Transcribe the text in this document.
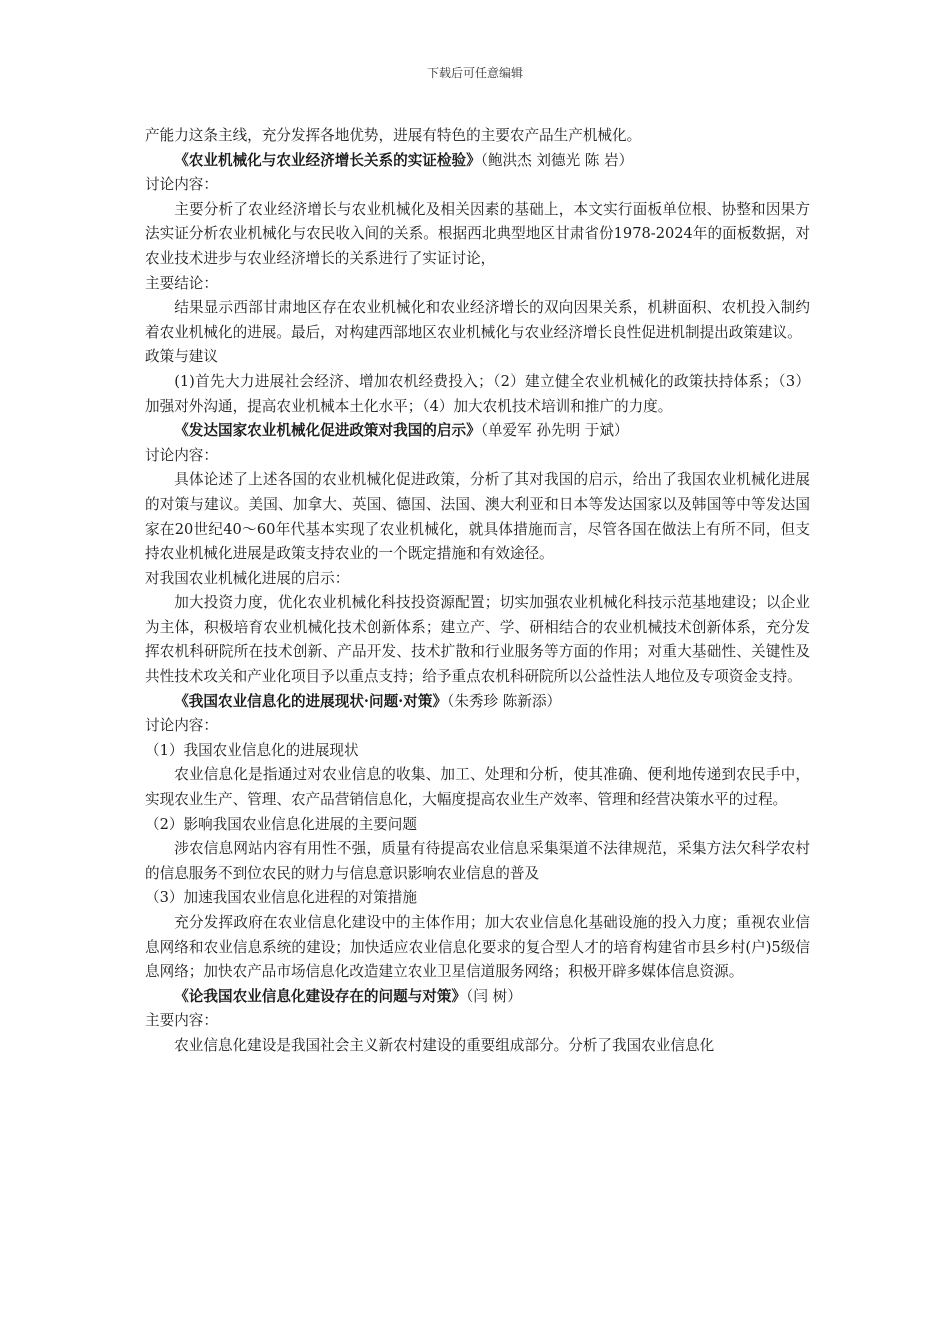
下载后可任意编辑

产能力这条主线，充分发挥各地优势，进展有特色的主要农产品生产机械化。

《农业机械化与农业经济增长关系的实证检验》（鲍洪杰 刘德光 陈 岩）

讨论内容：

主要分析了农业经济增长与农业机械化及相关因素的基础上，本文实行面板单位根、协整和因果方法实证分析农业机械化与农民收入间的关系。根据西北典型地区甘肃省份1978-2024年的面板数据，对农业技术进步与农业经济增长的关系进行了实证讨论，

主要结论：

结果显示西部甘肃地区存在农业机械化和农业经济增长的双向因果关系，机耕面积、农机投入制约着农业机械化的进展。最后，对构建西部地区农业机械化与农业经济增长良性促进机制提出政策建议。

政策与建议

(1)首先大力进展社会经济、增加农机经费投入；（2）建立健全农业机械化的政策扶持体系；（3）加强对外沟通，提高农业机械本土化水平；（4）加大农机技术培训和推广的力度。

《发达国家农业机械化促进政策对我国的启示》（单爱军 孙先明 于斌）

讨论内容：

具体论述了上述各国的农业机械化促进政策，分析了其对我国的启示，给出了我国农业机械化进展的对策与建议。美国、加拿大、英国、德国、法国、澳大利亚和日本等发达国家以及韩国等中等发达国家在20世纪40～60年代基本实现了农业机械化，就具体措施而言，尽管各国在做法上有所不同，但支持农业机械化进展是政策支持农业的一个既定措施和有效途径。

对我国农业机械化进展的启示：

加大投资力度，优化农业机械化科技投资源配置；切实加强农业机械化科技示范基地建设；以企业为主体，积极培育农业机械化技术创新体系；建立产、学、研相结合的农业机械技术创新体系，充分发挥农机科研院所在技术创新、产品开发、技术扩散和行业服务等方面的作用；对重大基础性、关键性及共性技术攻关和产业化项目予以重点支持；给予重点农机科研院所以公益性法人地位及专项资金支持。

《我国农业信息化的进展现状·问题·对策》（朱秀珍 陈新添）

讨论内容：

（1）我国农业信息化的进展现状

农业信息化是指通过对农业信息的收集、加工、处理和分析，使其准确、便利地传递到农民手中，实现农业生产、管理、农产品营销信息化，大幅度提高农业生产效率、管理和经营决策水平的过程。

（2）影响我国农业信息化进展的主要问题

涉农信息网站内容有用性不强，质量有待提高农业信息采集渠道不法律规范，采集方法欠科学农村的信息服务不到位农民的财力与信息意识影响农业信息的普及

（3）加速我国农业信息化进程的对策措施

充分发挥政府在农业信息化建设中的主体作用；加大农业信息化基础设施的投入力度；重视农业信息网络和农业信息系统的建设；加快适应农业信息化要求的复合型人才的培育构建省市县乡村(户)5级信息网络；加快农产品市场信息化改造建立农业卫星信道服务网络；积极开辟多媒体信息资源。

《论我国农业信息化建设存在的问题与对策》（闫 树）

主要内容：

农业信息化建设是我国社会主义新农村建设的重要组成部分。分析了我国农业信息化
